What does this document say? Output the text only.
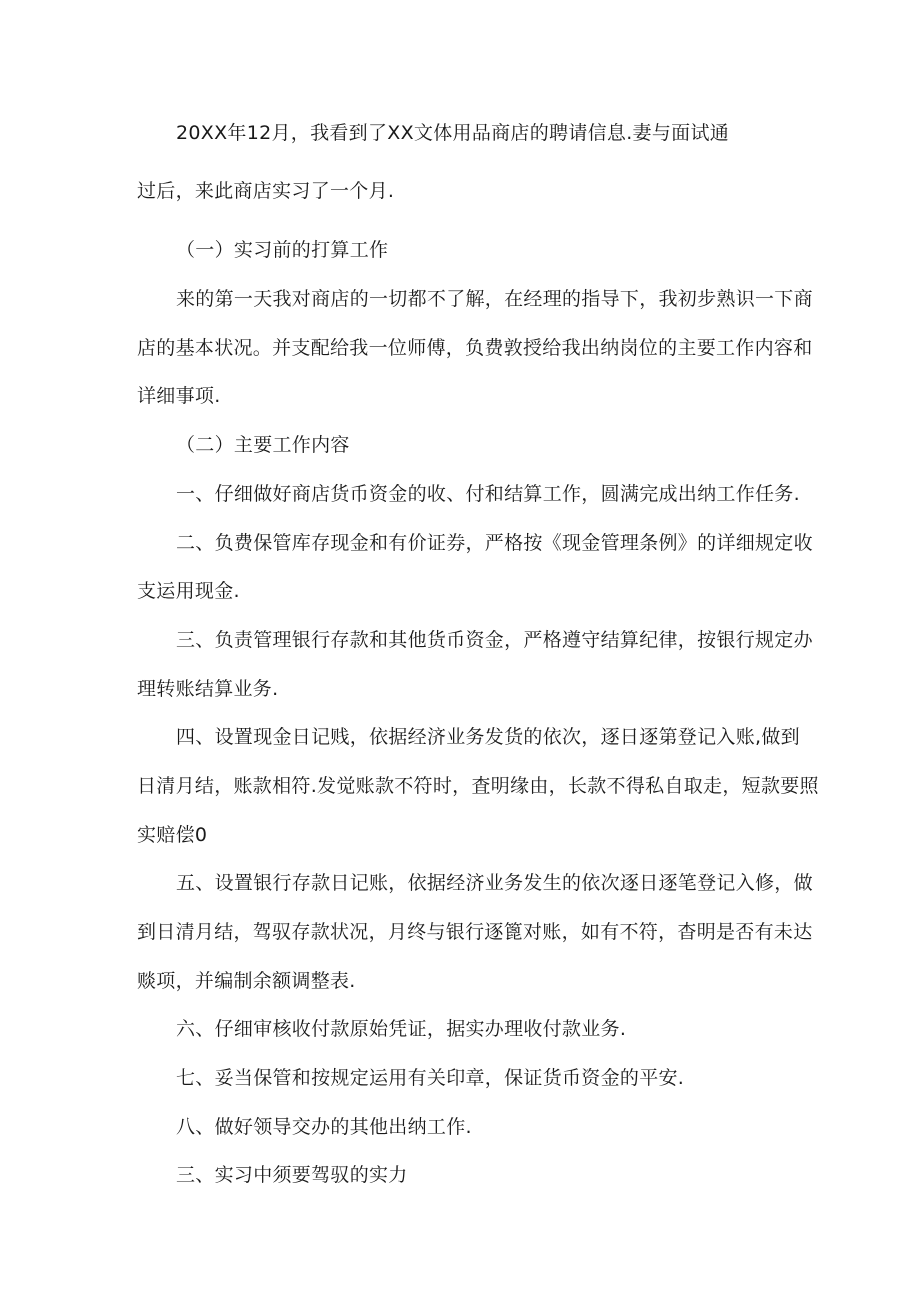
20XX年12月，我看到了XX文体用品商店的聘请信息.妻与面试通

过后，来此商店实习了一个月.

（一）实习前的打算工作

来的第一天我对商店的一切都不了解，在经理的指导下，我初步熟识一下商

店的基本状况。并支配给我一位师傅，负费敦授给我出纳岗位的主要工作内容和

详细事项.

（二）主要工作内容

一、仔细做好商店货币资金的收、付和结算工作，圆满完成出纳工作任务.

二、负费保管库存现金和有价证券，严格按《现金管理条例》的详细规定收

支运用现金.

三、负责管理银行存款和其他货币资金，严格遵守结算纪律，按银行规定办

理转账结算业务.

四、设置现金日记贱，依据经济业务发货的依次，逐日逐第登记入账,做到

日清月结，账款相符.发觉账款不符时，査明缘由，长款不得私自取走，短款要照

实赔偿0

五、设置银行存款日记账，依据经济业务发生的依次逐日逐笔登记入修，做

到日清月结，驾驭存款状况，月终与银行逐篦对账，如有不符，杳明是否有未达

赕项，并编制余额调整表.

六、仔细审核收付款原始凭证，据实办理收付款业务.

七、妥当保管和按规定运用有关印章，保证货币资金的平安.

八、做好领导交办的其他出纳工作.

三、实习中须要驾驭的实力
